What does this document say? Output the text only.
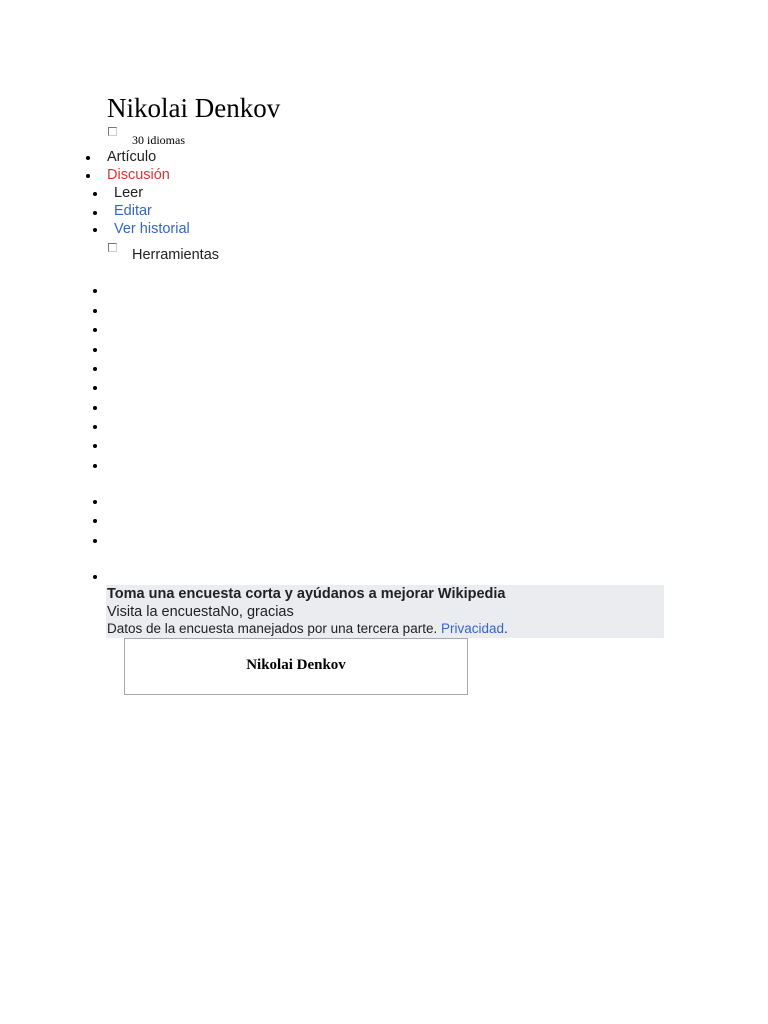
Nikolai Denkov
30 idiomas
Artículo
Discusión
Leer
Editar
Ver historial
Herramientas
Toma una encuesta corta y ayúdanos a mejorar Wikipedia
Visita la encuestaNo, gracias
Datos de la encuesta manejados por una tercera parte. Privacidad.
Nikolai Denkov
